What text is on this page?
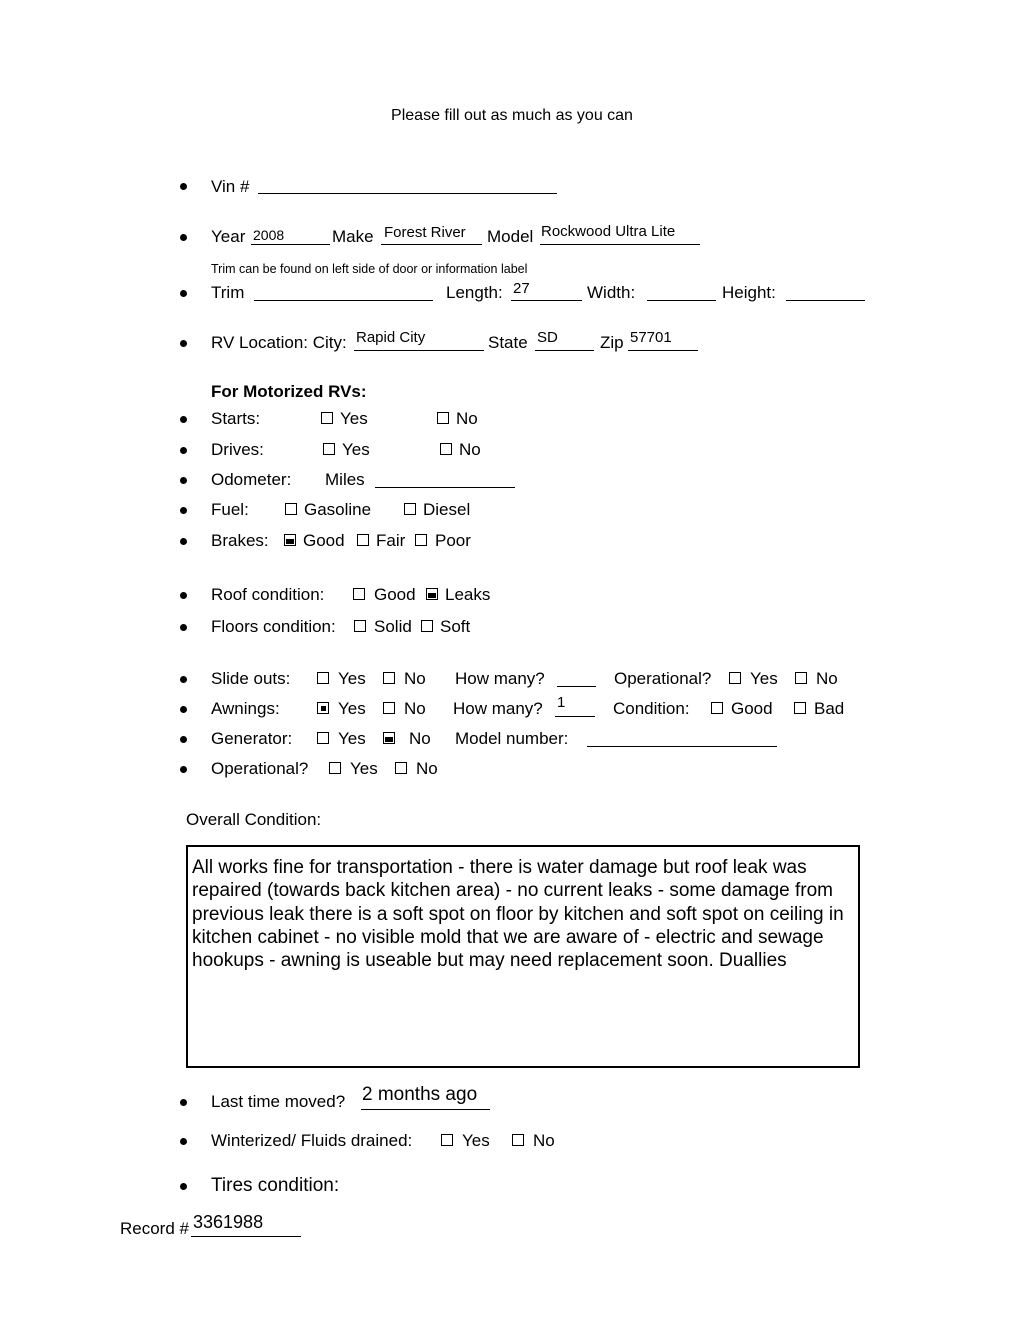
Please fill out as much as you can
Vin #
Year 2008	Make Forest River Model Rockwood Ultra Lite
Trim can be found on left side of door or information label
Trim	Length: 27	Width:	Height:
RV Location: City: Rapid City	State SD Zip 57701
For Motorized RVs:
Starts:	Yes	No
Drives:	Yes	No
Odometer: Miles
Fuel:	Gasoline	Diesel
Brakes: Good Fair Poor
Roof condition:	Good Leaks
Floors condition: Solid Soft
Slide outs:	Yes No How many?	Operational? Yes No
Awnings:	Yes No How many? 1	Condition: Good Bad
Generator:	Yes	No Model number:
Operational? Yes No
Overall Condition:
All works fine for transportation - there is water damage but roof leak was repaired (towards back kitchen area) - no current leaks - some damage from previous leak there is a soft spot on floor by kitchen and soft spot on ceiling in kitchen cabinet - no visible mold that we are aware of - electric and sewage hookups - awning is useable but may need replacement soon. Duallies
Last time moved? 2 months ago
Winterized/ Fluids drained:	Yes	No
Tires condition:
Record # 3361988
